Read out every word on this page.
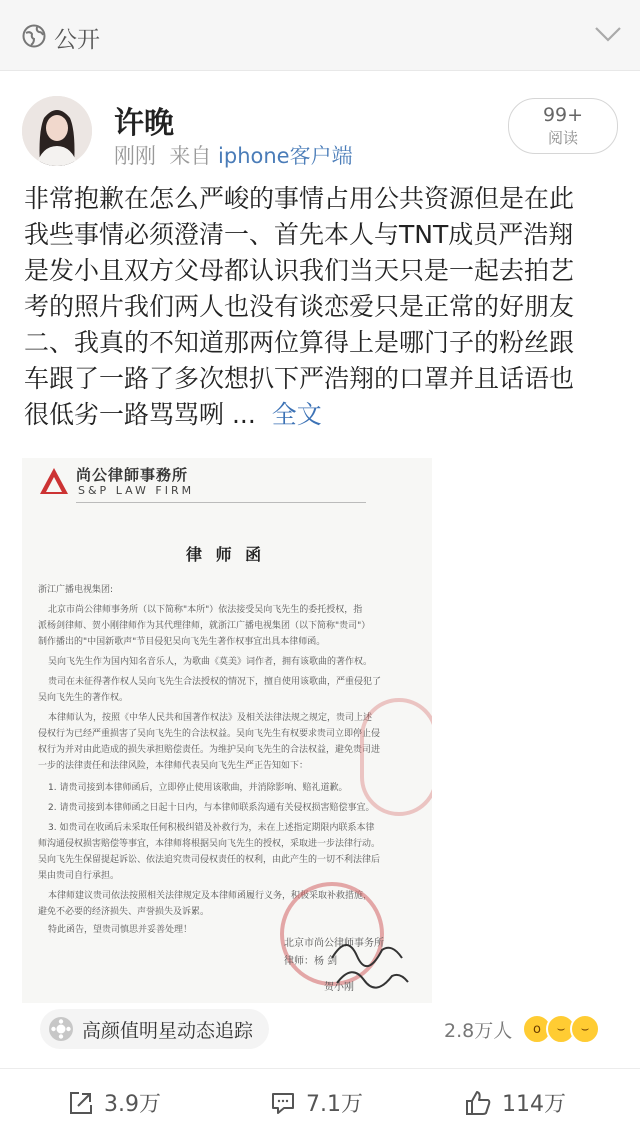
公开
许晚
刚刚 来自 iphone客户端
99+
阅读
非常抱歉在怎么严峻的事情占用公共资源但是在此
我些事情必须澄清一、首先本人与TNT成员严浩翔
是发小且双方父母都认识我们当天只是一起去拍艺
考的照片我们两人也没有谈恋爱只是正常的好朋友
二、我真的不知道那两位算得上是哪门子的粉丝跟
车跟了一路了多次想扒下严浩翔的口罩并且话语也
很低劣一路骂骂咧 ... 全文
尚公律師事務所
S&P LAW FIRM
律 师 函
浙江广播电视集团:
北京市尚公律师事务所（以下简称"本所"）依法接受吴向飞先生的委托授权，指
派杨剑律师、贺小刚律师作为其代理律师，就浙江广播电视集团（以下简称"贵司"）
制作播出的"中国新歌声"节目侵犯吴向飞先生著作权事宜出具本律师函。
吴向飞先生作为国内知名音乐人，为歌曲《莫美》词作者，拥有该歌曲的著作权。
贵司在未征得著作权人吴向飞先生合法授权的情况下，擅自使用该歌曲，严重侵犯了
吴向飞先生的著作权。
本律师认为，按照《中华人民共和国著作权法》及相关法律法规之规定，贵司上述
侵权行为已经严重损害了吴向飞先生的合法权益。吴向飞先生有权要求贵司立即停止侵
权行为并对由此造成的损失承担赔偿责任。为维护吴向飞先生的合法权益，避免贵司进
一步的法律责任和法律风险，本律师代表吴向飞先生严正告知如下：
1. 请贵司接到本律师函后，立即停止使用该歌曲，并消除影响、赔礼道歉。
2. 请贵司接到本律师函之日起十日内，与本律师联系沟通有关侵权损害赔偿事宜。
3. 如贵司在收函后未采取任何积极纠错及补救行为，未在上述指定期限内联系本律
师沟通侵权损害赔偿等事宜，本律师将根据吴向飞先生的授权，采取进一步法律行动。
吴向飞先生保留提起诉讼、依法追究贵司侵权责任的权利，由此产生的一切不利法律后
果由贵司自行承担。
本律师建议贵司依法按照相关法律规定及本律师函履行义务，积极采取补救措施，
避免不必要的经济损失、声誉损失及诉累。
特此函告，望贵司慎思并妥善处理！
北京市尚公律师事务所
律师：杨 剑
贺小刚
高颜值明星动态追踪	2.8万人	o	⌣	⌣
3.9万	7.1万	114万
